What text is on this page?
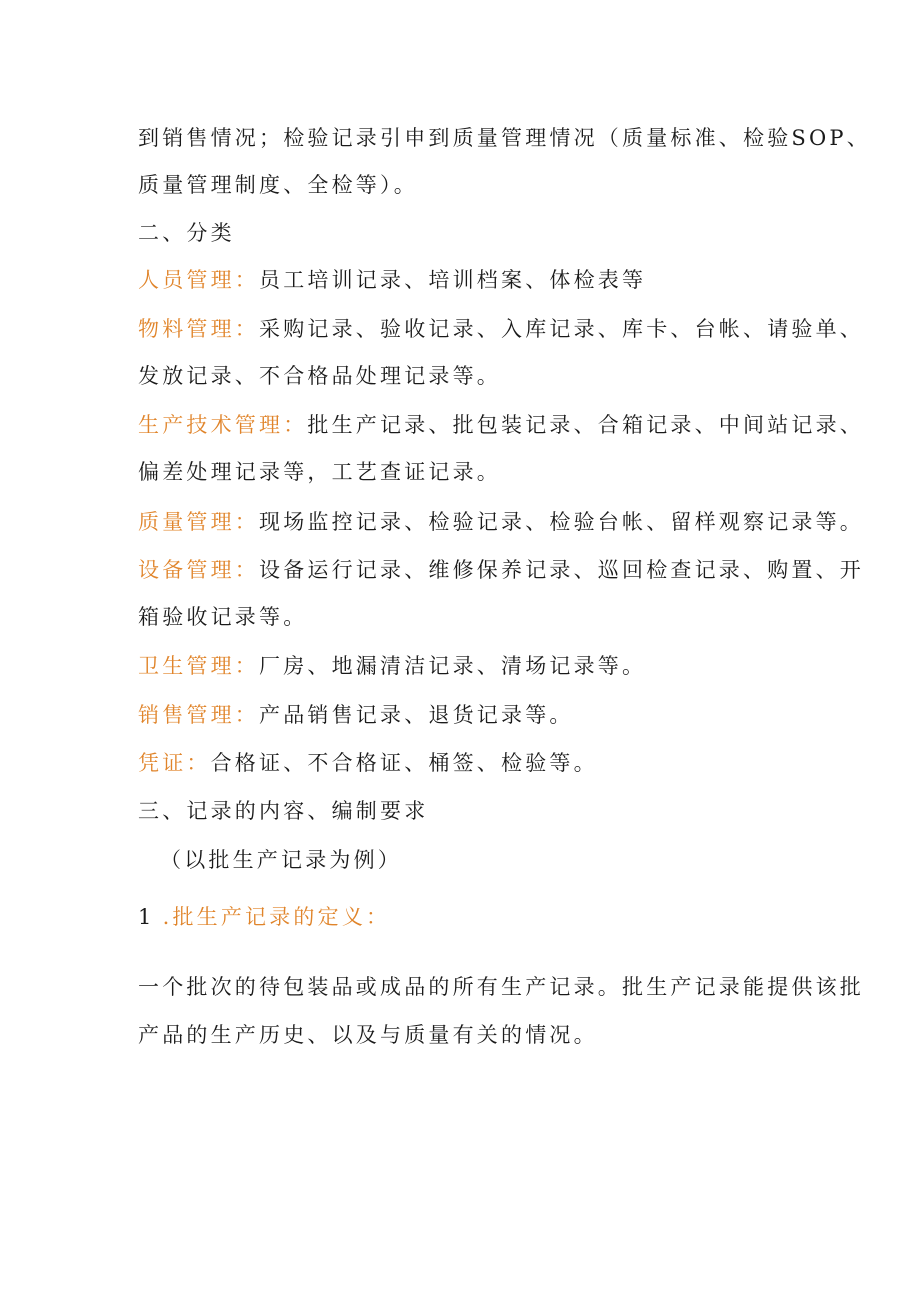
到销售情况；检验记录引申到质量管理情况（质量标准、检验SOP、
质量管理制度、全检等）。
二、分类
人员管理：员工培训记录、培训档案、体检表等
物料管理：采购记录、验收记录、入库记录、库卡、台帐、请验单、
发放记录、不合格品处理记录等。
生产技术管理：批生产记录、批包装记录、合箱记录、中间站记录、
偏差处理记录等，工艺查证记录。
质量管理：现场监控记录、检验记录、检验台帐、留样观察记录等。
设备管理：设备运行记录、维修保养记录、巡回检查记录、购置、开
箱验收记录等。
卫生管理：厂房、地漏清洁记录、清场记录等。
销售管理：产品销售记录、退货记录等。
凭证：合格证、不合格证、桶签、检验等。
三、记录的内容、编制要求
（以批生产记录为例）
1 .批生产记录的定义：
一个批次的待包装品或成品的所有生产记录。批生产记录能提供该批
产品的生产历史、以及与质量有关的情况。
